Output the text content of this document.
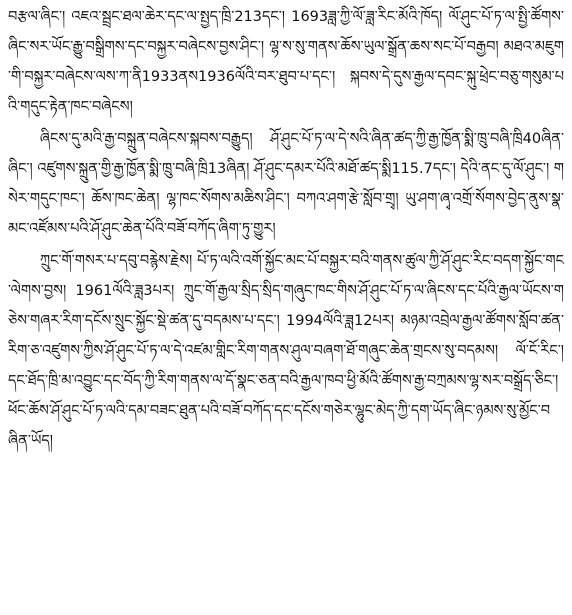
བརྩལ་ཞིང་། འཇའ་སྦྲང་ཐལ་ཆེར་དང་ལ་སྤྱད་ཁྲི་213དང་། 1693ཟླ་ཀྱི་ལོ་ཟླ་རིང་མོའི་ཁོད། ལོ་ཤུང་པོ་ཏ་ལ་སྤྱི་ཚོགས་ཞིང་སར་ཡོང་རྒྱུ་བསྒྲིགས་དང་བསྐྱར་བཞེངས་བྱས་ཤིང་། ལྷ་ས་སུ་གནས་ཆོས་ཡུལ་སྒྲོན་ཆས་སང་པོ་བརྒྱབ། མཐའ་མཇུག་གི་བསྐྱར་བཞེངས་ལས་ཀ་ནི1933ནས1936ལོའི་བར་ཐུབ་པ་དང་། སྐབས་དེ་དུས་རྒྱལ་དབང་སྐུ་ཕྲེང་བཅུ་གསུམ་པའི་གདུང་རྟེན་ཁང་བཞེངས།

ཞིངས་དུ་མའི་རྒྱ་བསྐྲུན་བཞེངས་སྐབས་བརྒྱུད། ཤོ་ཤུང་པོ་ཏ་ལ་དེ་སའི་ཞིན་ཚད་ཀྱི་རྒྱ་ཁྱོན་སྨི་ཁྲུ་བཞི་ཁྲི40ཞིན་ཞིང་། འཛུགས་སྐྲུན་གྱི་རྒྱ་ཁྱོན་སྨི་ཁྲུ་བཞི་ཁྲི13ཞིན། ཤོ་ཤུང་དམར་པོའི་མཐོ་ཚད་སྨི115.7དང་། དེའི་ནང་དུ་ལོ་ཤུང་། གསེར་གདུང་ཁང་། ཆོས་ཁང་ཆེན། ལྷ་ཁང་སོགས་མཆིས་ཤིང་། བཀའ་ཤག་རྩེ་སློབ་གྲྭ། ཡུ་ཤག་ཞྭ་འགྲོ་སོགས་བྱེད་ནུས་སྣ་མང་འཛོམས་པའི་ཤོ་ཤུང་ཆེན་པོའི་བཟོ་བཀོད་ཞིག་ཏུ་གྱུར།

ཀྲུང་གོ་གསར་པ་དབུ་བརྙེས་རྗེས། པོ་ཏ་ལའི་འགོ་སྐྱོང་མང་པོ་བསྐྱར་བའི་གནས་ཚུལ་ཀྱི་ཤོ་ཤུང་རིང་བདག་སྐྱོང་གང་ལེགས་བྱས། 1961ལོའི་ཟླ3པར། ཀྲུང་གོ་རྒྱལ་སྲིད་སྲིད་གཞུང་ཁང་གིས་ཤོ་ཤུང་པོ་ཏ་ལ་ཞིངས་དང་པོའི་རྒྱལ་ཡོངས་གཅེས་གཞར་རིག་དངོས་སྲུང་སྐྱོང་སྡེ་ཚན་དུ་བདམས་པ་དང་། 1994ལོའི་ཟླ12པར། མཉམ་འབྲེལ་རྒྱལ་ཚོགས་སློབ་ཚན་རིག་ཅ་འཛུགས་ཀྱིས་ཤོ་ཤུང་པོ་ཏ་ལ་དེ་འཛམ་གླིང་རིག་གནས་ཤུལ་བཞག་ཐོ་གཞུང་ཆེན་གྲངས་སུ་བདམས། ལོ་ངོ་རིང་། དང་ཐོད་ཁྲི་མ་འབྱུང་དང་བོད་ཀྱི་རིག་གནས་ལ་དོ་སྣང་ཅན་བའི་རྒྱལ་ཁབ་ཕྱི་མོའི་ཚོགས་རྒྱ་བཀྲམས་ལྷ་སར་བསྒྲོད་ཅིང་། ཕོང་ཆོས་ཤོ་ཤུང་པོ་ཏ་ལའི་དམ་བཟང་ཐུན་པའི་བཟོ་བཀོད་དང་དངོས་གཅེར་ལྷུང་མེད་ཀྱི་དག་ཡོད་ཞིང་ཉམས་སུ་མྱོང་བཞིན་ཡོད།
